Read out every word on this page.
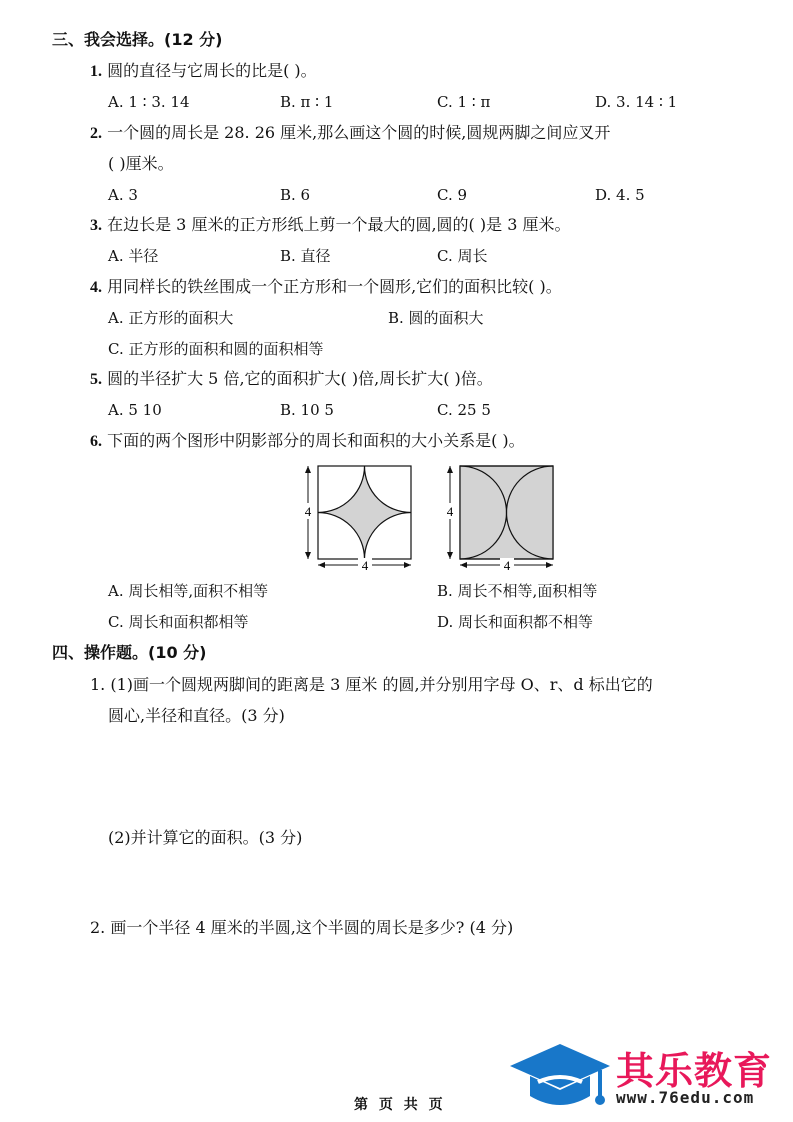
三、我会选择。(12 分)
1. 圆的直径与它周长的比是( )。
A. 1 ∶ 3. 14	B. π ∶ 1	C. 1 ∶ π	D. 3. 14 ∶ 1
2. 一个圆的周长是 28. 26 厘米,那么画这个圆的时候,圆规两脚之间应叉开
( )厘米。
A. 3	B. 6	C. 9	D. 4. 5
3. 在边长是 3 厘米的正方形纸上剪一个最大的圆,圆的( )是 3 厘米。
A. 半径	B. 直径	C. 周长
4. 用同样长的铁丝围成一个正方形和一个圆形,它们的面积比较( )。
A. 正方形的面积大	B. 圆的面积大
C. 正方形的面积和圆的面积相等
5. 圆的半径扩大 5 倍,它的面积扩大( )倍,周长扩大( )倍。
A. 5 10	B. 10 5	C. 25 5
6. 下面的两个图形中阴影部分的周长和面积的大小关系是( )。
4
4
4
4
A. 周长相等,面积不相等	B. 周长不相等,面积相等
C. 周长和面积都相等	D. 周长和面积都不相等
四、操作题。(10 分)
1. (1)画一个圆规两脚间的距离是 3 厘米 的圆,并分别用字母 O、r、d 标出它的
圆心,半径和直径。(3 分)
(2)并计算它的面积。(3 分)
2. 画一个半径 4 厘米的半圆,这个半圆的周长是多少? (4 分)
第 页 共 页
其乐教育
www.76edu.com
